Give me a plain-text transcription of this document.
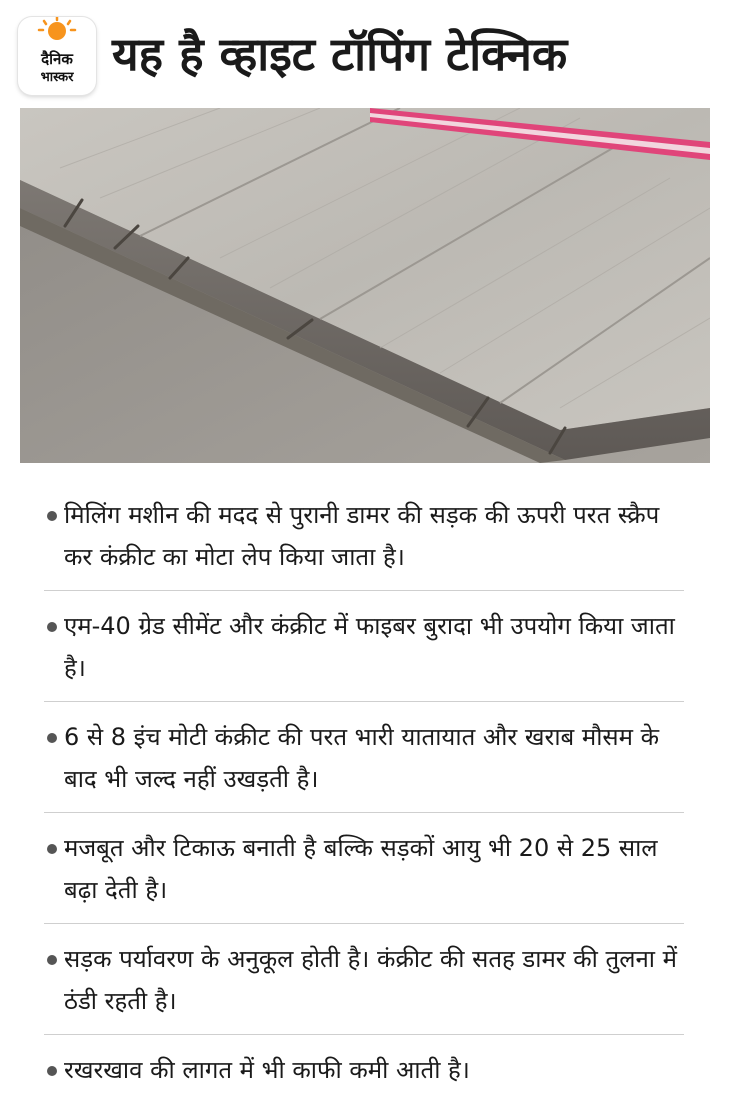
दैनिक
भास्कर यह है व्हाइट टॉपिंग टेक्निक
मिलिंग मशीन की मदद से पुरानी डामर की सड़क की ऊपरी परत स्क्रैप कर कंक्रीट का मोटा लेप किया जाता है।
एम-40 ग्रेड सीमेंट और कंक्रीट में फाइबर बुरादा भी उपयोग किया जाता है।
6 से 8 इंच मोटी कंक्रीट की परत भारी यातायात और खराब मौसम के बाद भी जल्द नहीं उखड़ती है।
मजबूत और टिकाऊ बनाती है बल्कि सड़कों आयु भी 20 से 25 साल बढ़ा देती है।
सड़क पर्यावरण के अनुकूल होती है। कंक्रीट की सतह डामर की तुलना में ठंडी रहती है।
रखरखाव की लागत में भी काफी कमी आती है।
